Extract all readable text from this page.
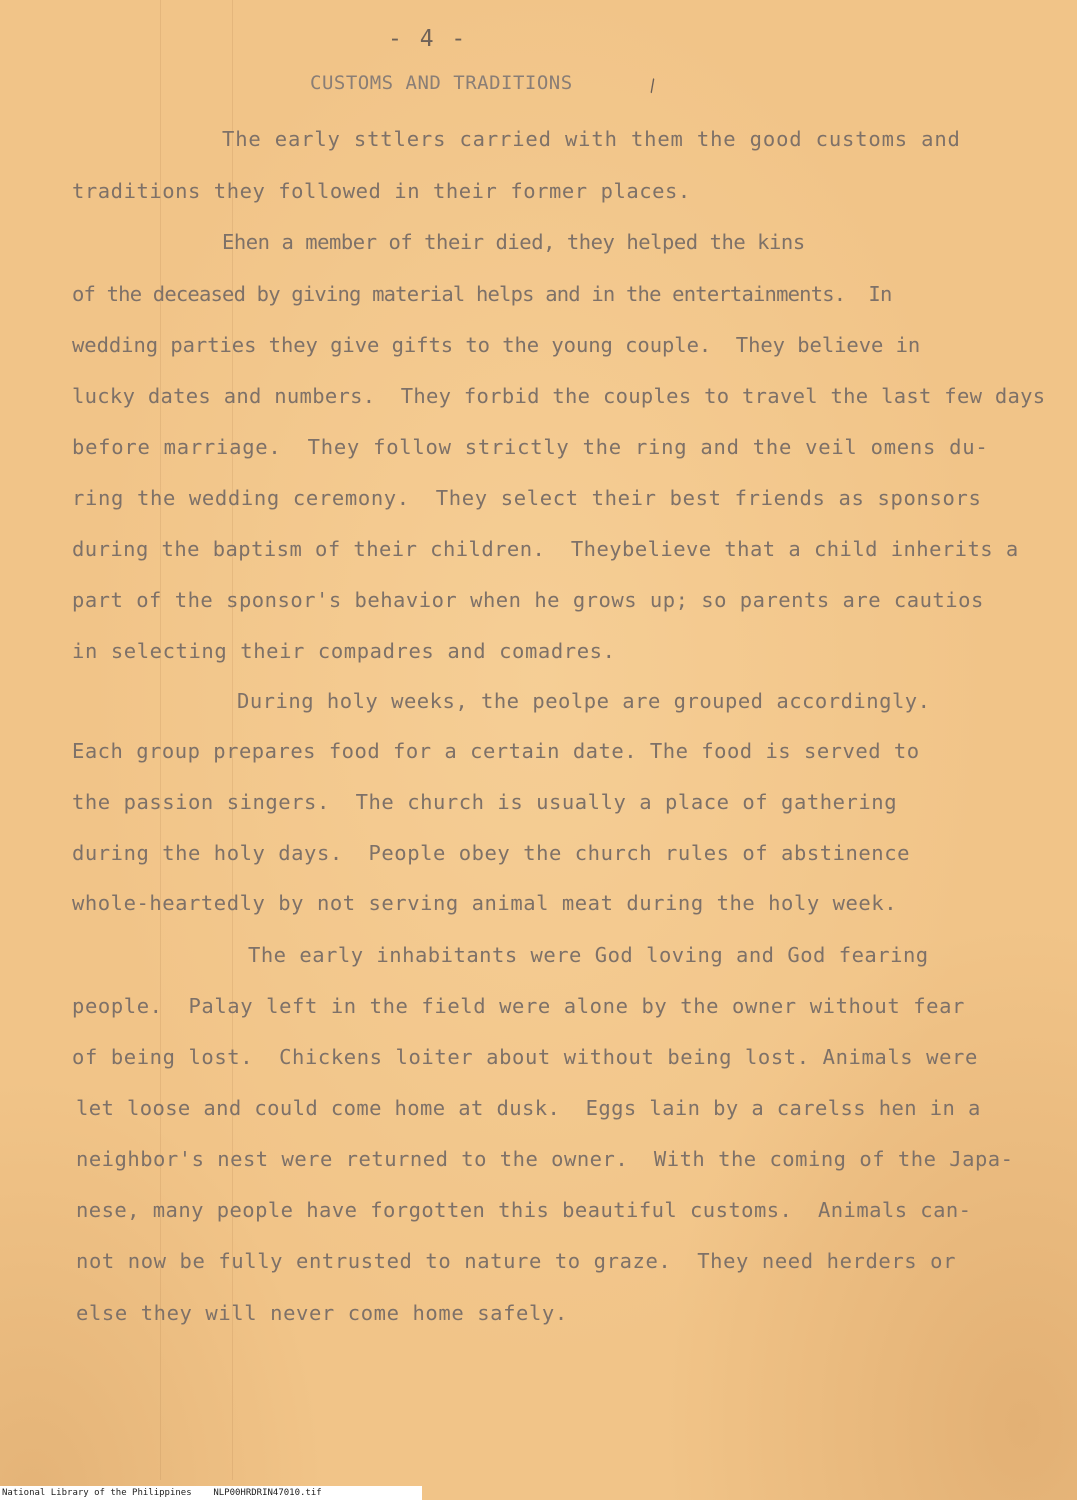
- 4 -
CUSTOMS AND TRADITIONS	\
The early sttlers carried with them the good customs and
traditions they followed in their former places.
Ehen a member of their died, they helped the kins
of the deceased by giving material helps and in the entertainments.  In
wedding parties they give gifts to the young couple.  They believe in
lucky dates and numbers.  They forbid the couples to travel the last few days
before marriage.  They follow strictly the ring and the veil omens du-
ring the wedding ceremony.  They select their best friends as sponsors
during the baptism of their children.  Theybelieve that a child inherits a
part of the sponsor's behavior when he grows up; so parents are cautios
in selecting their compadres and comadres.
During holy weeks, the peolpe are grouped accordingly.
Each group prepares food for a certain date. The food is served to
the passion singers.  The church is usually a place of gathering
during the holy days.  People obey the church rules of abstinence
whole-heartedly by not serving animal meat during the holy week.
The early inhabitants were God loving and God fearing
people.  Palay left in the field were alone by the owner without fear
of being lost.  Chickens loiter about without being lost. Animals were
let loose and could come home at dusk.  Eggs lain by a carelss hen in a
neighbor's nest were returned to the owner.  With the coming of the Japa-
nese, many people have forgotten this beautiful customs.  Animals can-
not now be fully entrusted to nature to graze.  They need herders or
else they will never come home safely.
National Library of the Philippines    NLP00HRDRIN47010.tif
